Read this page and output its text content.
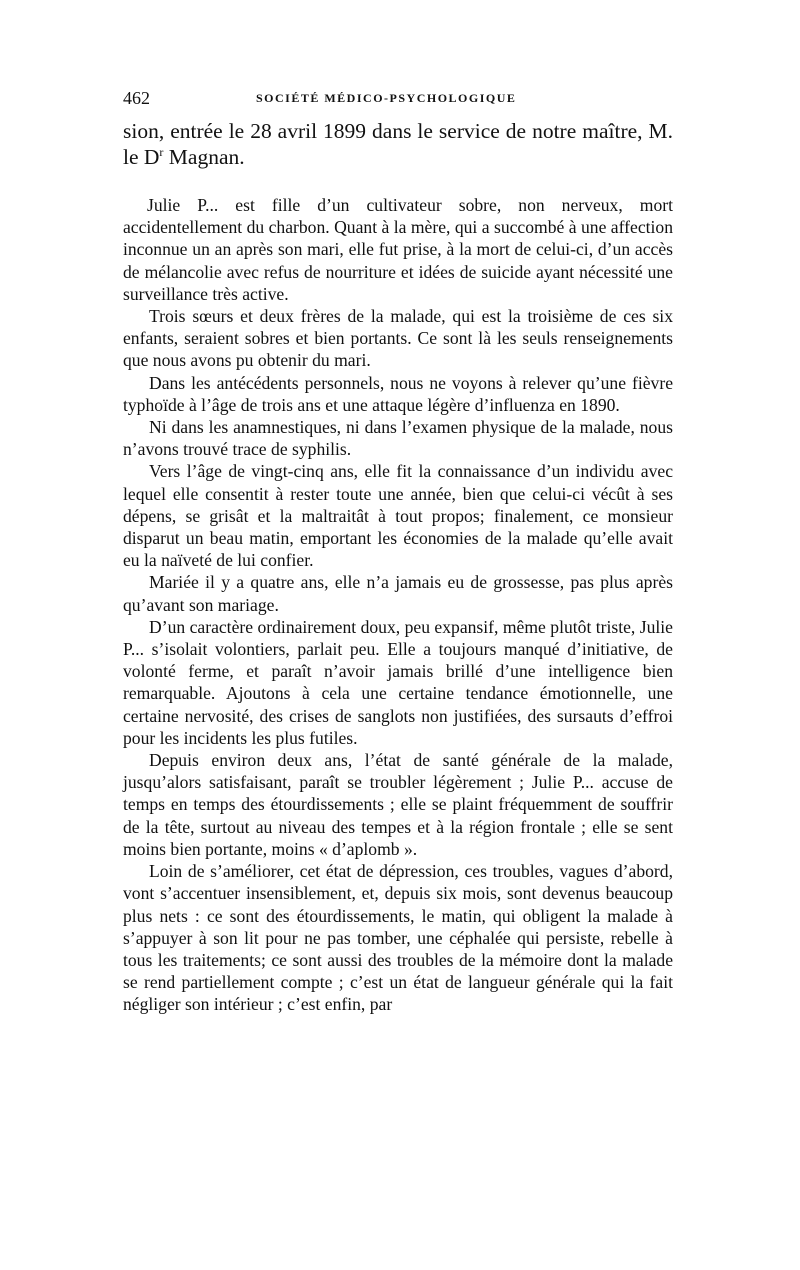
462	SOCIÉTÉ MÉDICO-PSYCHOLOGIQUE

sion, entrée le 28 avril 1899 dans le service de notre maître, M. le $D^r$ Magnan.

Julie P... est fille d’un cultivateur sobre, non nerveux, mort accidentellement du charbon. Quant à la mère, qui a succombé à une affection inconnue un an après son mari, elle fut prise, à la mort de celui-ci, d’un accès de mélancolie avec refus de nourriture et idées de suicide ayant nécessité une surveillance très active.

Trois sœurs et deux frères de la malade, qui est la troisième de ces six enfants, seraient sobres et bien portants. Ce sont là les seuls renseignements que nous avons pu obtenir du mari.

Dans les antécédents personnels, nous ne voyons à relever qu’une fièvre typhoïde à l’âge de trois ans et une attaque légère d’influenza en 1890.

Ni dans les anamnestiques, ni dans l’examen physique de la malade, nous n’avons trouvé trace de syphilis.

Vers l’âge de vingt-cinq ans, elle fit la connaissance d’un individu avec lequel elle consentit à rester toute une année, bien que celui-ci vécût à ses dépens, se grisât et la maltraitât à tout propos; finalement, ce monsieur disparut un beau matin, emportant les économies de la malade qu’elle avait eu la naïveté de lui confier.

Mariée il y a quatre ans, elle n’a jamais eu de grossesse, pas plus après qu’avant son mariage.

D’un caractère ordinairement doux, peu expansif, même plutôt triste, Julie P... s’isolait volontiers, parlait peu. Elle a toujours manqué d’initiative, de volonté ferme, et paraît n’avoir jamais brillé d’une intelligence bien remarquable. Ajoutons à cela une certaine tendance émotionnelle, une certaine nervosité, des crises de sanglots non justifiées, des sursauts d’effroi pour les incidents les plus futiles.

Depuis environ deux ans, l’état de santé générale de la malade, jusqu’alors satisfaisant, paraît se troubler légèrement ; Julie P... accuse de temps en temps des étourdissements ; elle se plaint fréquemment de souffrir de la tête, surtout au niveau des tempes et à la région frontale ; elle se sent moins bien portante, moins « d’aplomb ».

Loin de s’améliorer, cet état de dépression, ces troubles, vagues d’abord, vont s’accentuer insensiblement, et, depuis six mois, sont devenus beaucoup plus nets : ce sont des étourdissements, le matin, qui obligent la malade à s’appuyer à son lit pour ne pas tomber, une céphalée qui persiste, rebelle à tous les traitements; ce sont aussi des troubles de la mémoire dont la malade se rend partiellement compte ; c’est un état de langueur générale qui la fait négliger son intérieur ; c’est enfin, par
